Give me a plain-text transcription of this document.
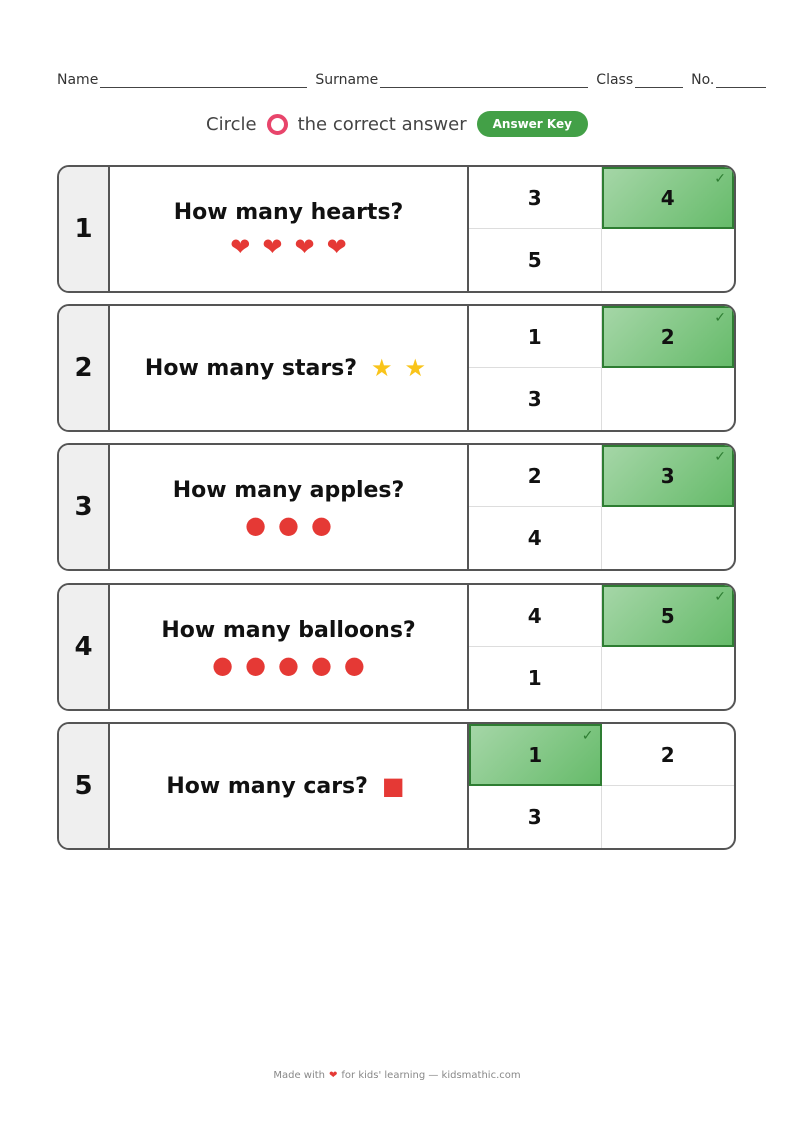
Name	Surname	Class	No.
Circle the correct answer	Answer Key
1
How many hearts?
❤ ❤ ❤ ❤
3	4
✓
5
2	How many stars? ★ ★
1	2
✓
3
3
How many apples?
● ● ●
2	3
✓
4
4
How many balloons?
● ● ● ● ●
4	5
✓
1
5	How many cars? ■
1
✓
2
3
Made with ❤ for kids' learning — kidsmathic.com
